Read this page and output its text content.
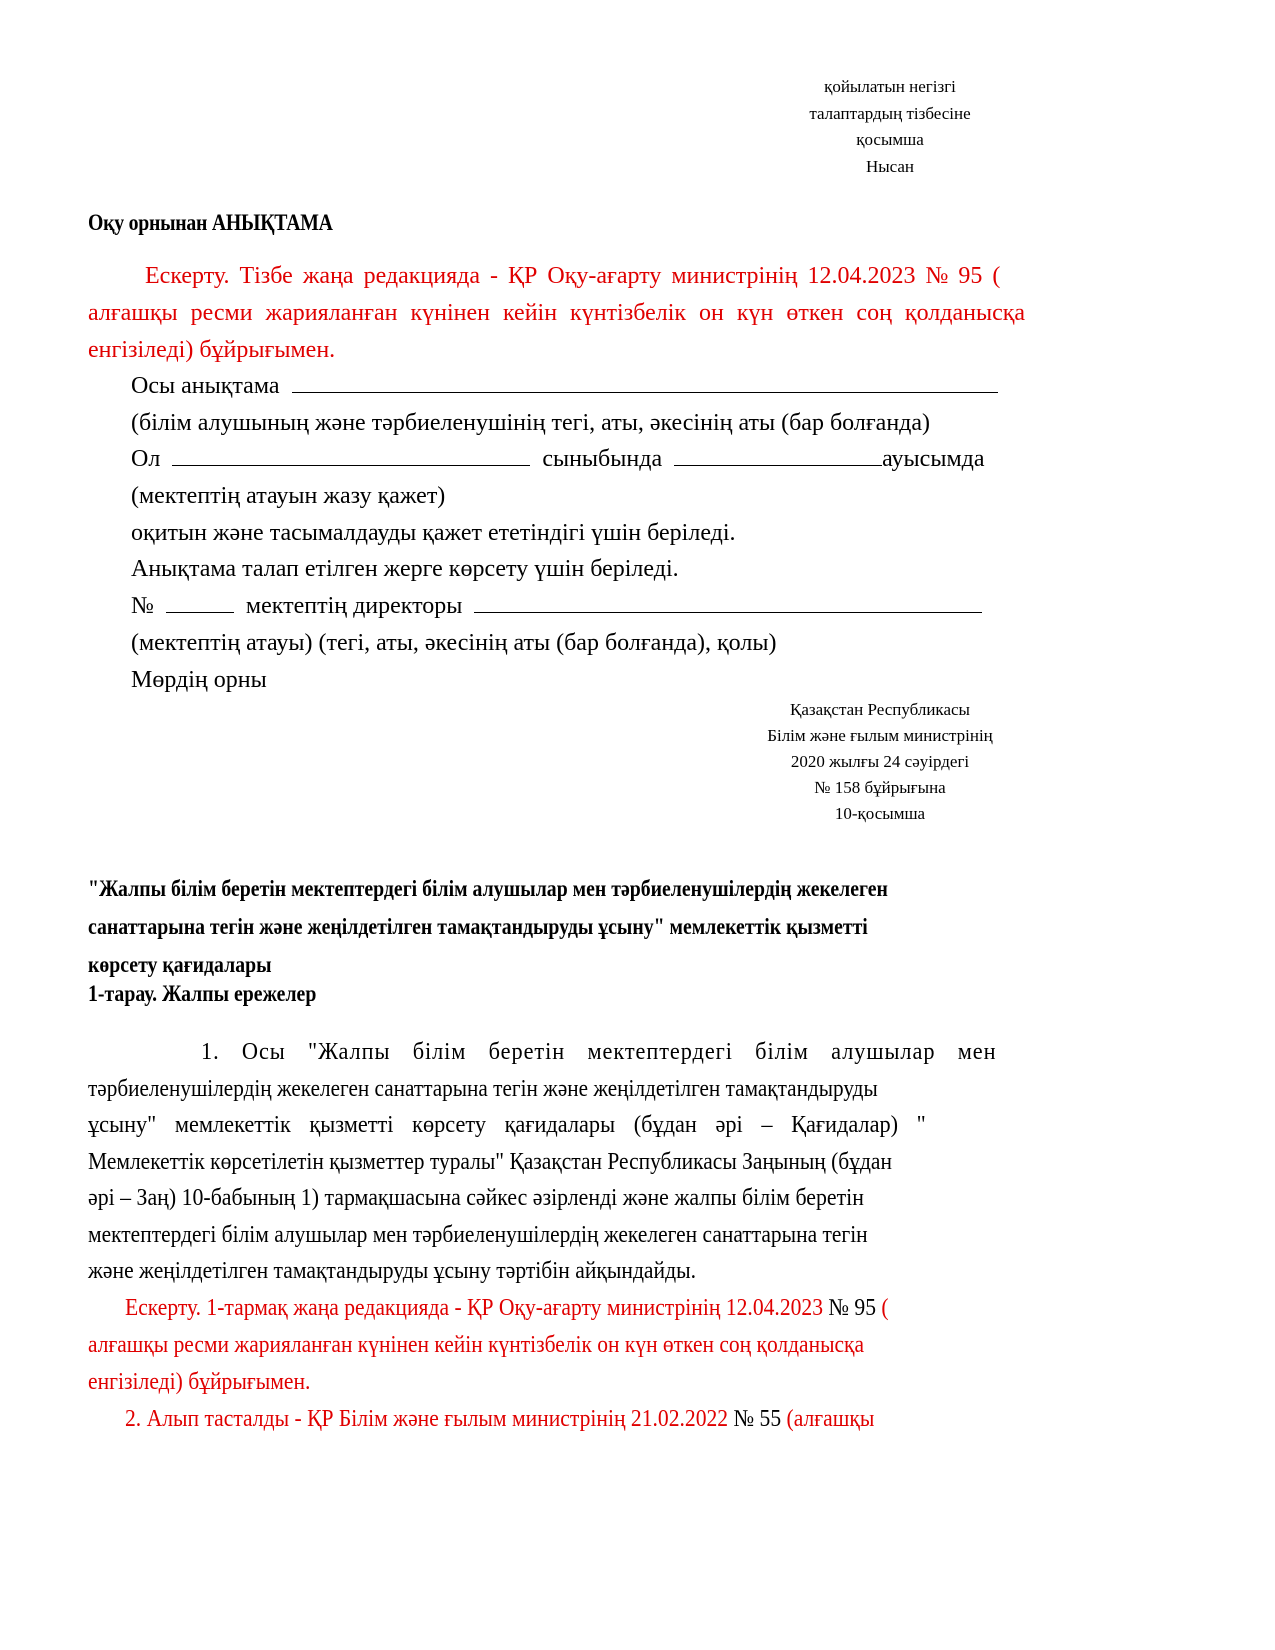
қойылатын негізгі
талаптардың тізбесіне
қосымша
Нысан
Оқу орнынан АНЫҚТАМА
Ескерту. Тізбе жаңа редакцияда - ҚР Оқу-ағарту министрінің 12.04.2023 № 95 (
алғашқы ресми жарияланған күнінен кейін күнтізбелік он күн өткен соң қолданысқа
енгізіледі) бұйрығымен.
Осы анықтама
(білім алушының және тәрбиеленушінің тегі, аты, әкесінің аты (бар болғанда)
Ол	сыныбында	ауысымда
(мектептің атауын жазу қажет)
оқитын және тасымалдауды қажет ететіндігі үшін беріледі.
Анықтама талап етілген жерге көрсету үшін беріледі.
№	мектептің директоры
(мектептің атауы) (тегі, аты, әкесінің аты (бар болғанда), қолы)
Мөрдің орны
Қазақстан Республикасы
Білім және ғылым министрінің
2020 жылғы 24 сәуірдегі
№ 158 бұйрығына
10-қосымша
"Жалпы білім беретін мектептердегі білім алушылар мен тәрбиеленушілердің жекелеген
санаттарына тегін және жеңілдетілген тамақтандыруды ұсыну" мемлекеттік қызметті
көрсету қағидалары
1-тарау. Жалпы ережелер
1. Осы "Жалпы білім беретін мектептердегі білім алушылар мен
тәрбиеленушілердің жекелеген санаттарына тегін және жеңілдетілген тамақтандыруды
ұсыну" мемлекеттік қызметті көрсету қағидалары (бұдан әрі – Қағидалар) "
Мемлекеттік көрсетілетін қызметтер туралы" Қазақстан Республикасы Заңының (бұдан
әрі – Заң) 10-бабының 1) тармақшасына сәйкес әзірленді және жалпы білім беретін
мектептердегі білім алушылар мен тәрбиеленушілердің жекелеген санаттарына тегін
және жеңілдетілген тамақтандыруды ұсыну тәртібін айқындайды.
Ескерту. 1-тармақ жаңа редакцияда - ҚР Оқу-ағарту министрінің 12.04.2023 № 95 (
алғашқы ресми жарияланған күнінен кейін күнтізбелік он күн өткен соң қолданысқа
енгізіледі) бұйрығымен.
2. Алып тасталды - ҚР Білім және ғылым министрінің 21.02.2022 № 55 (алғашқы
